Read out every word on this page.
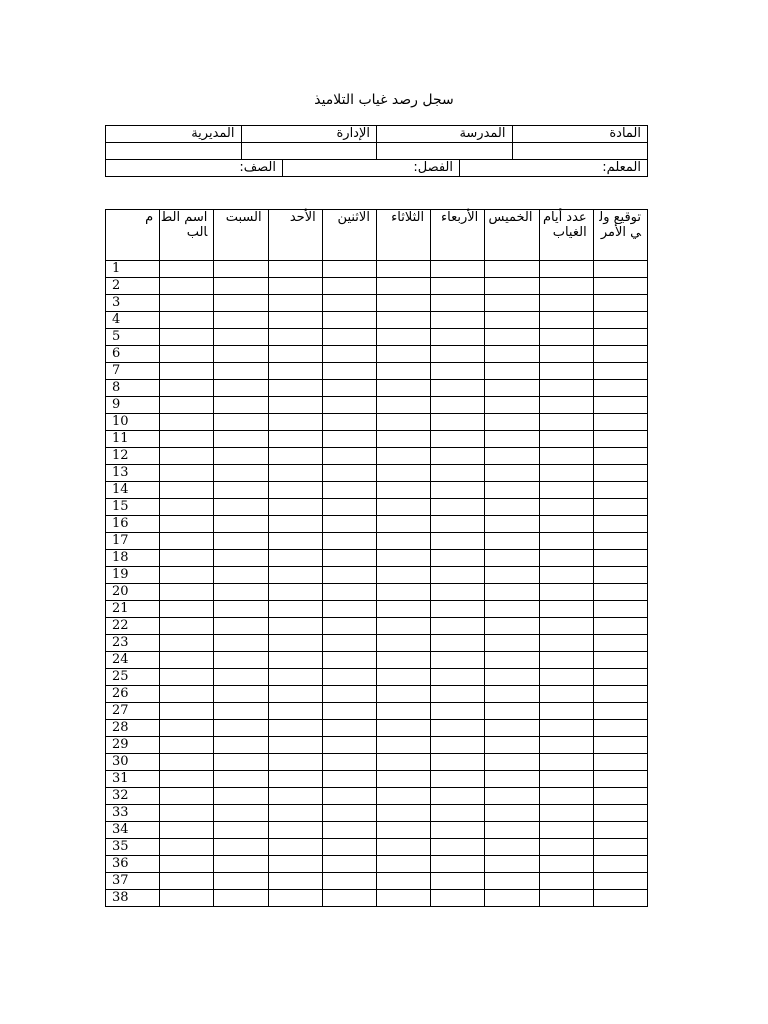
سجل رصد غياب التلاميذ
المديرية	الإدارة	المدرسة	المادة

الصف:	الفصل:	المعلم:
م	اسم الطالب	السبت	الأحد	الاثنين	الثلاثاء	الأربعاء	الخميس	عدد أيام الغياب	توقيع ولي الأمر
1									
2									
3									
4									
5									
6									
7									
8									
9									
10									
11									
12									
13									
14									
15									
16									
17									
18									
19									
20									
21									
22									
23									
24									
25									
26									
27									
28									
29									
30									
31									
32									
33									
34									
35									
36									
37									
38									
